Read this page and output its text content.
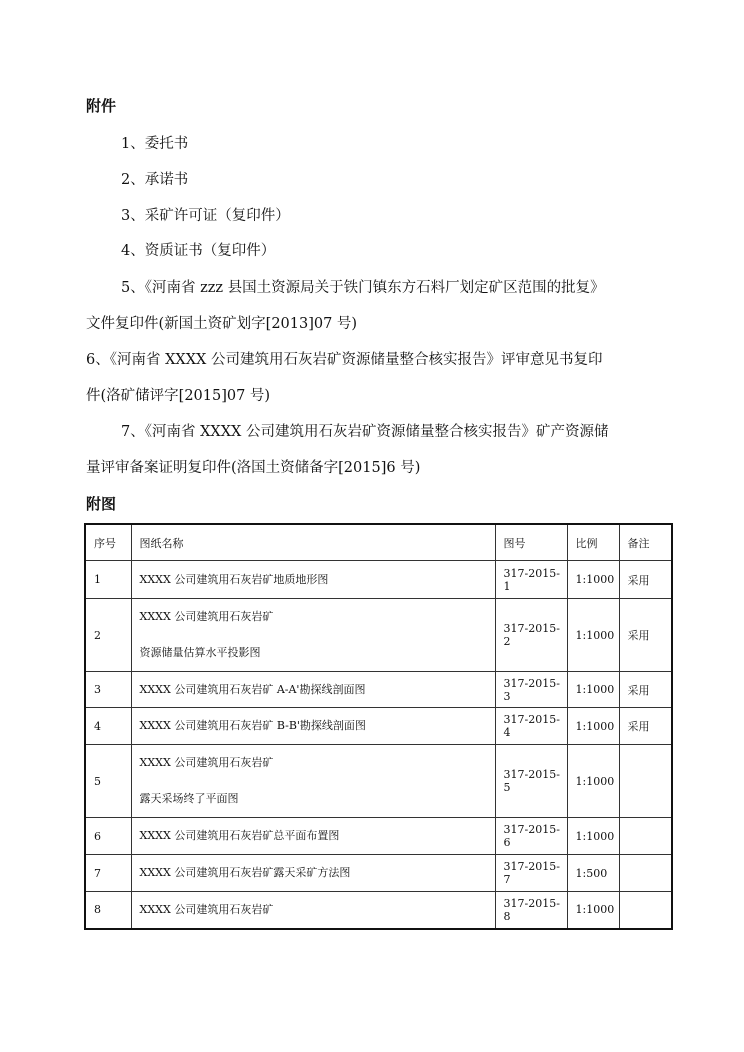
附件

1、委托书

2、承诺书

3、采矿许可证（复印件）

4、资质证书（复印件）

5、《河南省 zzz 县国土资源局关于铁门镇东方石料厂划定矿区范围的批复》

文件复印件(新国土资矿划字[2013]07 号)

6、《河南省 XXXX 公司建筑用石灰岩矿资源储量整合核实报告》评审意见书复印

件(洛矿储评字[2015]07 号)

7、《河南省 XXXX 公司建筑用石灰岩矿资源储量整合核实报告》矿产资源储

量评审备案证明复印件(洛国土资储备字[2015]6 号)

附图
序号	图纸名称	图号	比例	备注
1	XXXX 公司建筑用石灰岩矿地质地形图	317-2015-1	1:1000	采用
2	XXXX 公司建筑用石灰岩矿
资源储量估算水平投影图	317-2015-2	1:1000	采用
3	XXXX 公司建筑用石灰岩矿 A-A'勘探线剖面图	317-2015-3	1:1000	采用
4	XXXX 公司建筑用石灰岩矿 B-B'勘探线剖面图	317-2015-4	1:1000	采用
5	XXXX 公司建筑用石灰岩矿
露天采场终了平面图	317-2015-5	1:1000	
6	XXXX 公司建筑用石灰岩矿总平面布置图	317-2015-6	1:1000	
7	XXXX 公司建筑用石灰岩矿露天采矿方法图	317-2015-7	1:500	
8	XXXX 公司建筑用石灰岩矿	317-2015-8	1:1000	
